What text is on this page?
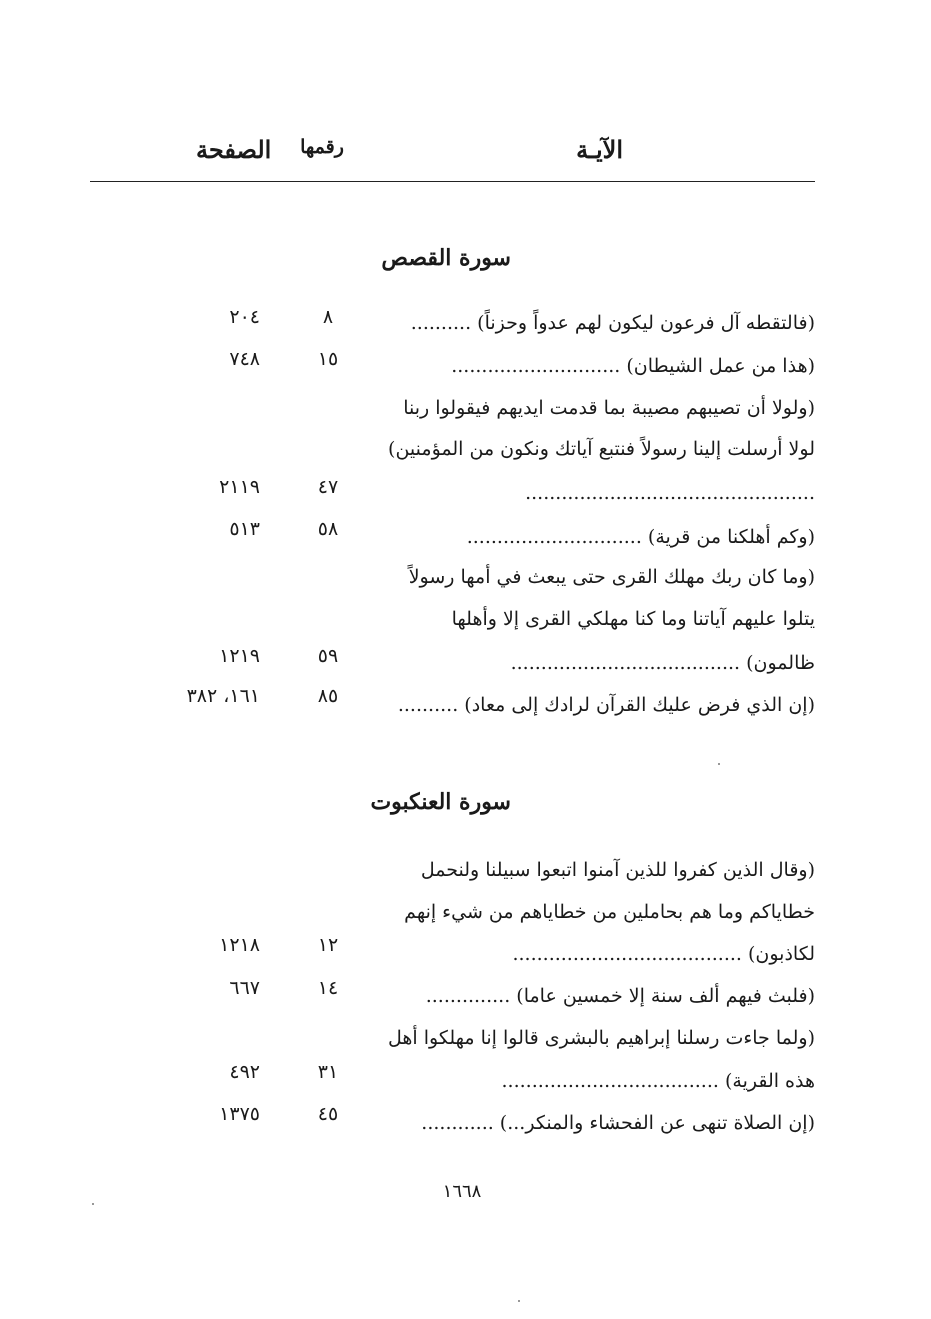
الآيـة
رقمها
الصفحة
سورة القصص
(فالتقطه آل فرعون ليكون لهم عدواً وحزناً) ..........
٨
٢٠٤
(هذا من عمل الشيطان) ............................
١٥
٧٤٨
(ولولا أن تصيبهم مصيبة بما قدمت ايديهم فيقولوا ربنا
لولا أرسلت إلينا رسولاً فنتبع آياتك ونكون من المؤمنين)
................................................
٤٧
٢١١٩
(وكم أهلكنا من قرية) .............................
٥٨
٥١٣
(وما كان ربك مهلك القرى حتى يبعث في أمها رسولاً
يتلوا عليهم آياتنا وما كنا مهلكي القرى إلا وأهلها
ظالمون) ......................................
٥٩
١٢١٩
(إن الذي فرض عليك القرآن لرادك إلى معاد) ..........
٨٥
١٦١، ٣٨٢
سورة العنكبوت
(وقال الذين كفروا للذين آمنوا اتبعوا سبيلنا ولنحمل
خطاياكم وما هم بحاملين من خطاياهم من شيء إنهم
لكاذبون) ......................................
١٢
١٢١٨
(فلبث فيهم ألف سنة إلا خمسين عاما) ..............
١٤
٦٦٧
(ولما جاءت رسلنا إبراهيم بالبشرى قالوا إنا مهلكوا أهل
هذه القرية) ....................................
٣١
٤٩٢
(إن الصلاة تنهى عن الفحشاء والمنكر...) ............
٤٥
١٣٧٥
١٦٦٨
